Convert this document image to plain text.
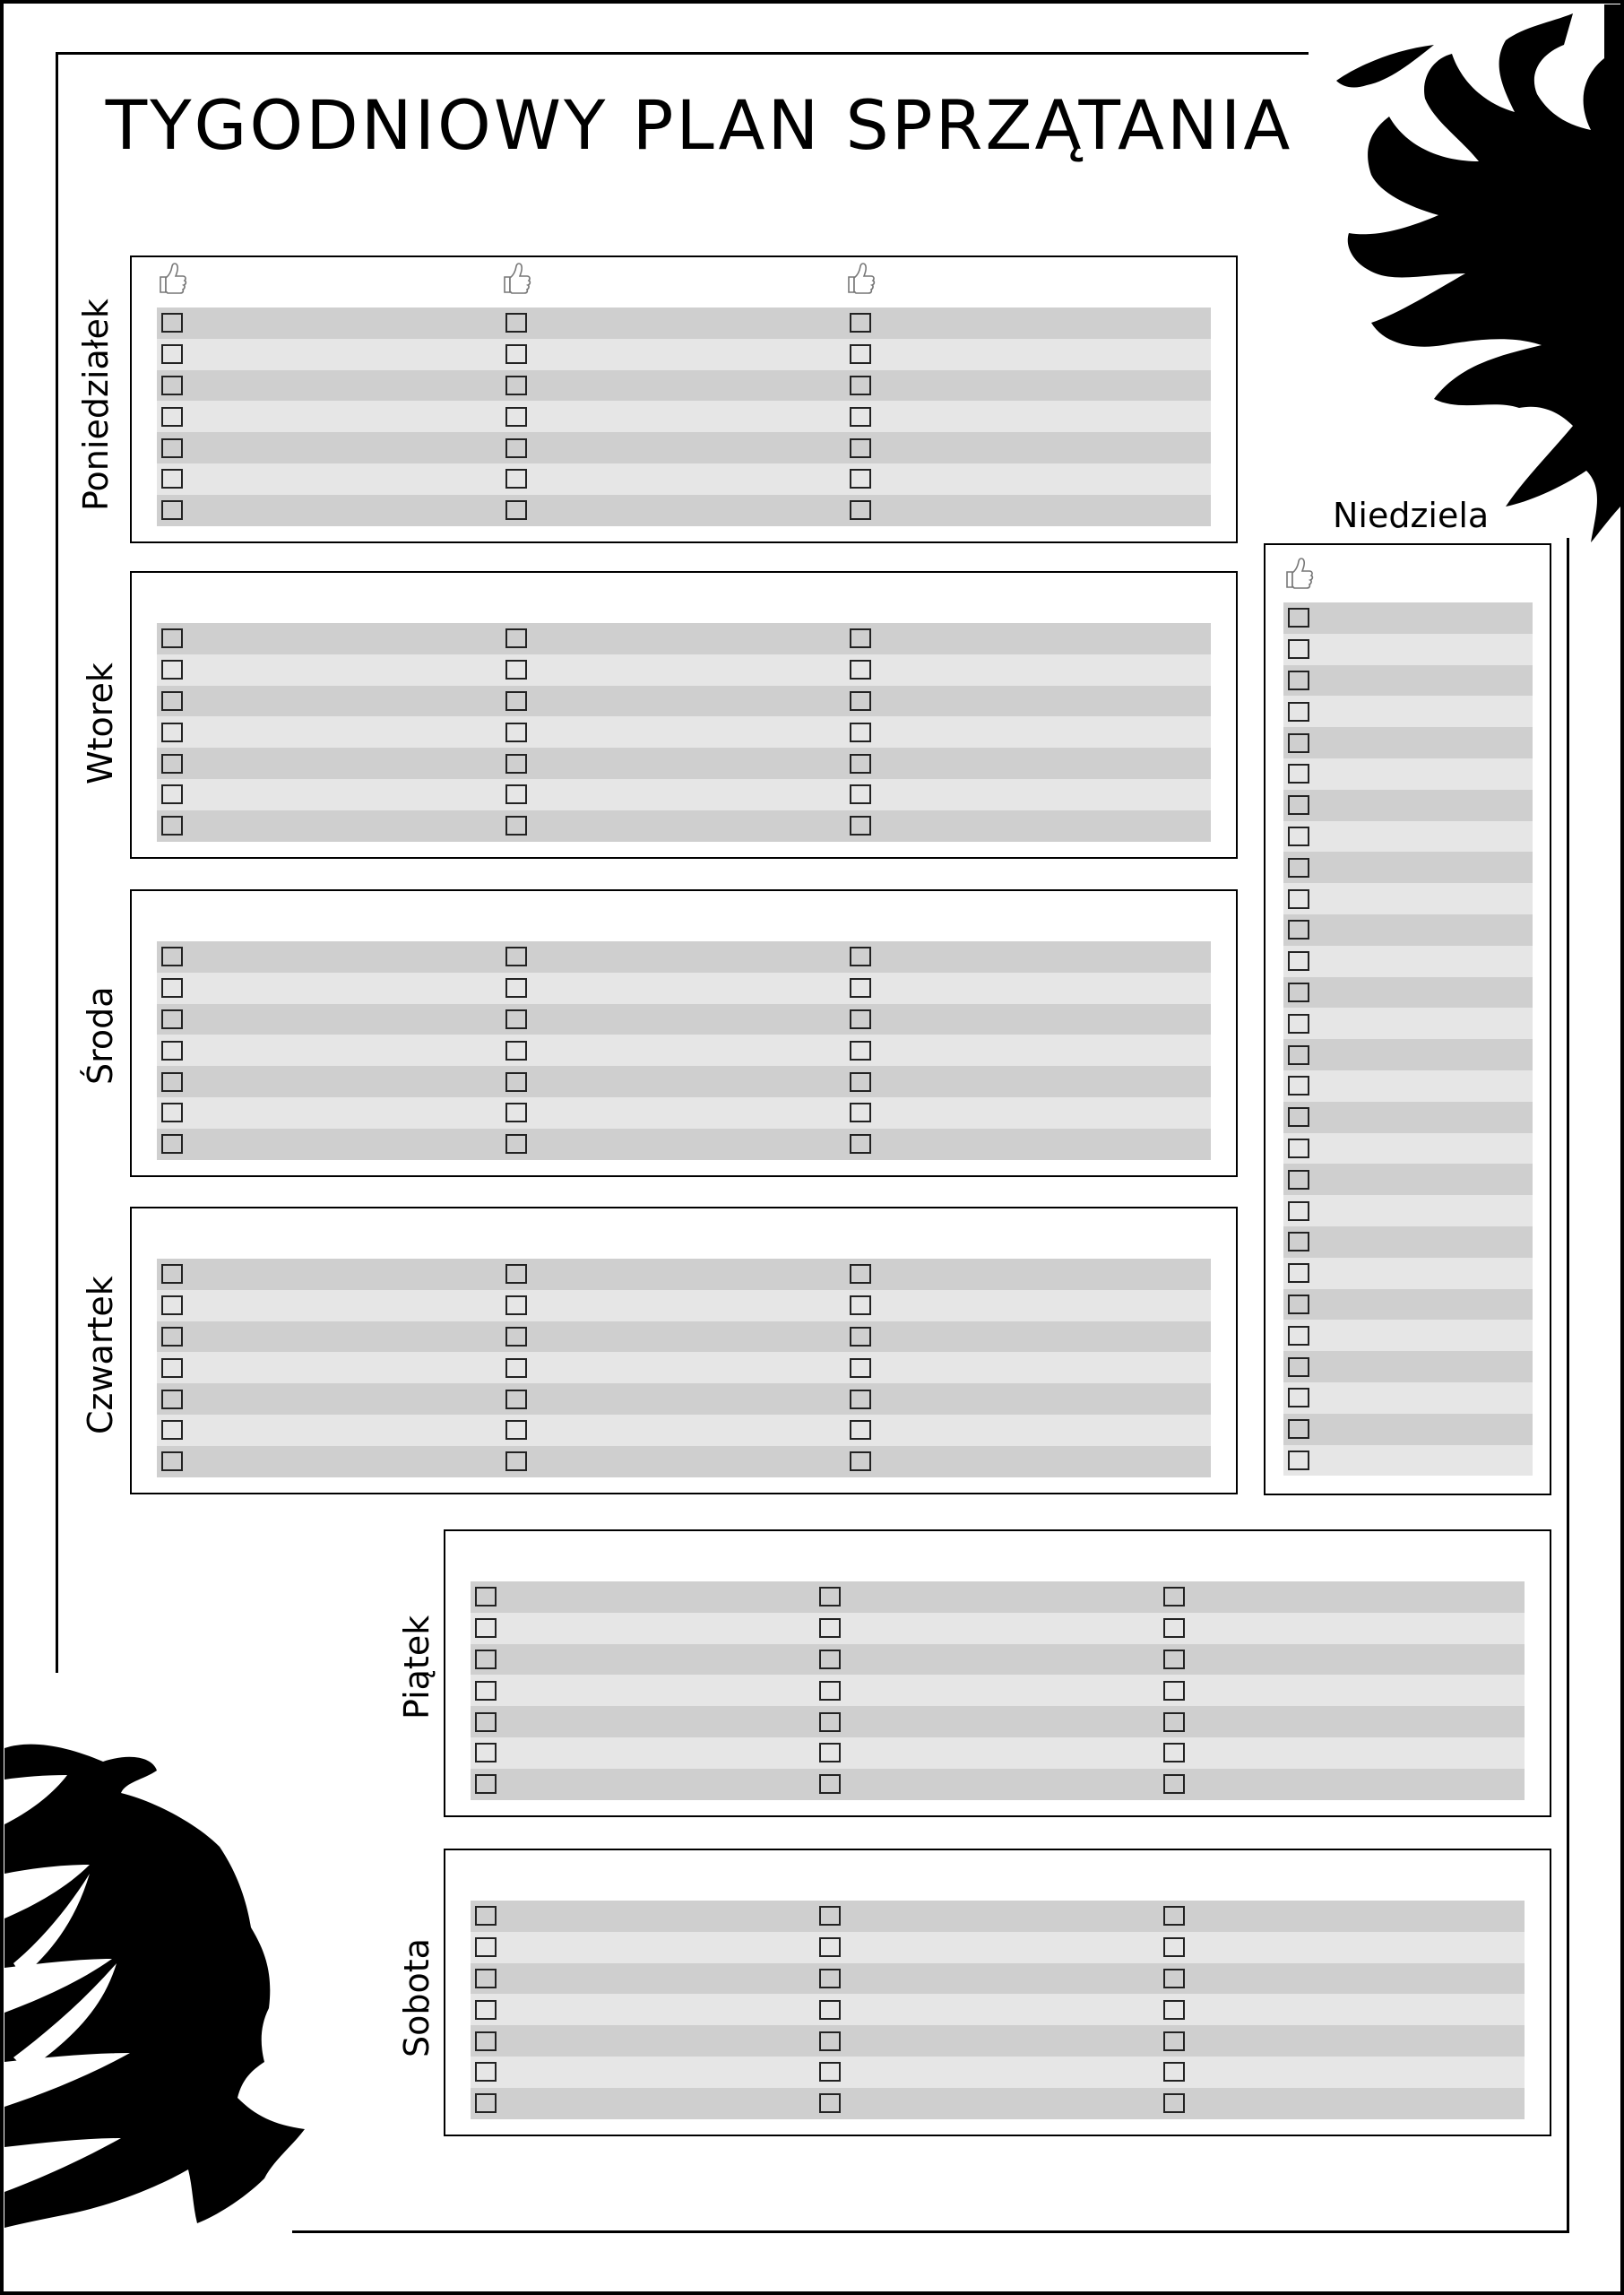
TYGODNIOWY PLAN SPRZĄTANIA
Poniedziałek
Wtorek
Środa
Czwartek
Piątek
Sobota
Niedziela
